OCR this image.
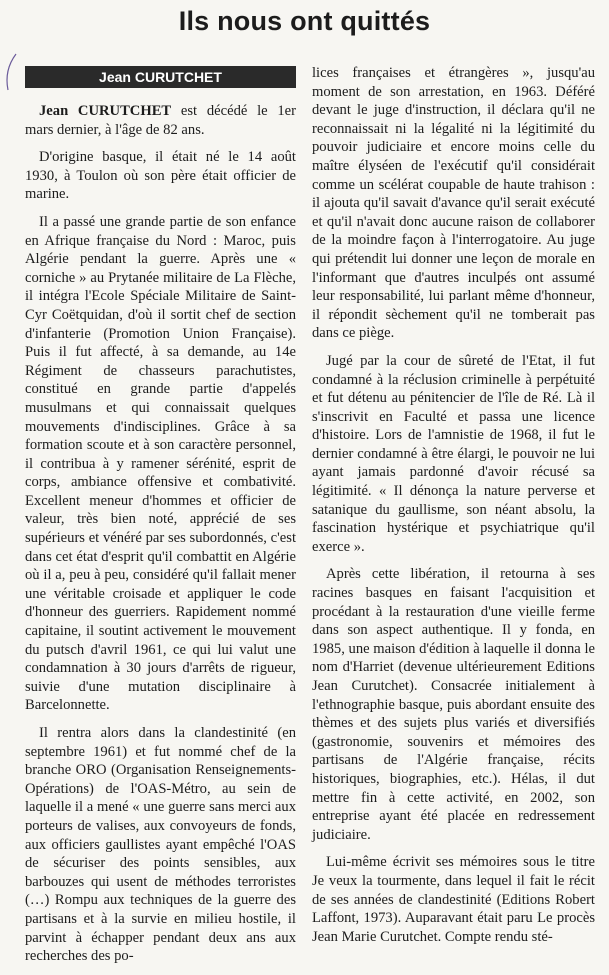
Ils nous ont quittés
Jean CURUTCHET

Jean CURUTCHET est décédé le 1er mars dernier, à l'âge de 82 ans.

D'origine basque, il était né le 14 août 1930, à Toulon où son père était officier de marine.

Il a passé une grande partie de son enfance en Afrique française du Nord : Maroc, puis Algérie pendant la guerre. Après une « corniche » au Prytanée militaire de La Flèche, il intégra l'Ecole Spéciale Militaire de Saint-Cyr Coëtquidan, d'où il sortit chef de section d'infanterie (Promotion Union Française). Puis il fut affecté, à sa demande, au 14e Régiment de chasseurs parachutistes, constitué en grande partie d'appelés musulmans et qui connaissait quelques mouvements d'indisciplines. Grâce à sa formation scoute et à son caractère personnel, il contribua à y ramener sérénité, esprit de corps, ambiance offensive et combativité. Excellent meneur d'hommes et officier de valeur, très bien noté, apprécié de ses supérieurs et vénéré par ses subordonnés, c'est dans cet état d'esprit qu'il combattit en Algérie où il a, peu à peu, considéré qu'il fallait mener une véritable croisade et appliquer le code d'honneur des guerriers. Rapidement nommé capitaine, il soutint activement le mouvement du putsch d'avril 1961, ce qui lui valut une condamnation à 30 jours d'arrêts de rigueur, suivie d'une mutation disciplinaire à Barcelonnette.

Il rentra alors dans la clandestinité (en septembre 1961) et fut nommé chef de la branche ORO (Organisation Renseignements-Opérations) de l'OAS-Métro, au sein de laquelle il a mené « une guerre sans merci aux porteurs de valises, aux convoyeurs de fonds, aux officiers gaullistes ayant empêché l'OAS de sécuriser des points sensibles, aux barbouzes qui usent de méthodes terroristes (…) Rompu aux techniques de la guerre des partisans et à la survie en milieu hostile, il parvint à échapper pendant deux ans aux recherches des po-

lices françaises et étrangères », jusqu'au moment de son arrestation, en 1963. Déféré devant le juge d'instruction, il déclara qu'il ne reconnaissait ni la légalité ni la légitimité du pouvoir judiciaire et encore moins celle du maître élyséen de l'exécutif qu'il considérait comme un scélérat coupable de haute trahison : il ajouta qu'il savait d'avance qu'il serait exécuté et qu'il n'avait donc aucune raison de collaborer de la moindre façon à l'interrogatoire. Au juge qui prétendit lui donner une leçon de morale en l'informant que d'autres inculpés ont assumé leur responsabilité, lui parlant même d'honneur, il répondit sèchement qu'il ne tomberait pas dans ce piège.

Jugé par la cour de sûreté de l'Etat, il fut condamné à la réclusion criminelle à perpétuité et fut détenu au pénitencier de l'île de Ré. Là il s'inscrivit en Faculté et passa une licence d'histoire. Lors de l'amnistie de 1968, il fut le dernier condamné à être élargi, le pouvoir ne lui ayant jamais pardonné d'avoir récusé sa légitimité. « Il dénonça la nature perverse et satanique du gaullisme, son néant absolu, la fascination hystérique et psychiatrique qu'il exerce ».

Après cette libération, il retourna à ses racines basques en faisant l'acquisition et procédant à la restauration d'une vieille ferme dans son aspect authentique. Il y fonda, en 1985, une maison d'édition à laquelle il donna le nom d'Harriet (devenue ultérieurement Editions Jean Curutchet). Consacrée initialement à l'ethnographie basque, puis abordant ensuite des thèmes et des sujets plus variés et diversifiés (gastronomie, souvenirs et mémoires des partisans de l'Algérie française, récits historiques, biographies, etc.). Hélas, il dut mettre fin à cette activité, en 2002, son entreprise ayant été placée en redressement judiciaire.

Lui-même écrivit ses mémoires sous le titre Je veux la tourmente, dans lequel il fait le récit de ses années de clandestinité (Editions Robert Laffont, 1973). Auparavant était paru Le procès Jean Marie Curutchet. Compte rendu sté-
